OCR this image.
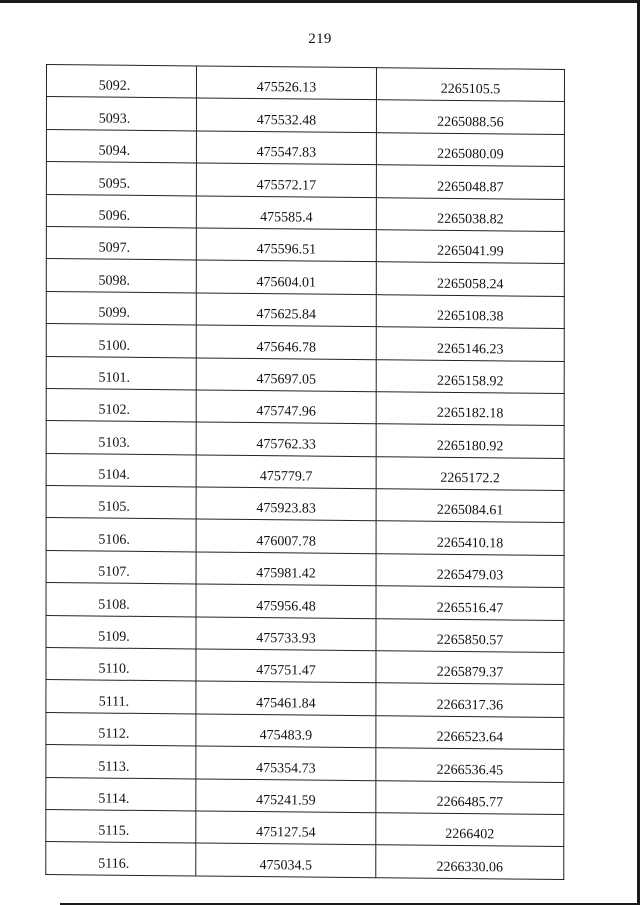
219
5092.	475526.13	2265105.5
5093.	475532.48	2265088.56
5094.	475547.83	2265080.09
5095.	475572.17	2265048.87
5096.	475585.4	2265038.82
5097.	475596.51	2265041.99
5098.	475604.01	2265058.24
5099.	475625.84	2265108.38
5100.	475646.78	2265146.23
5101.	475697.05	2265158.92
5102.	475747.96	2265182.18
5103.	475762.33	2265180.92
5104.	475779.7	2265172.2
5105.	475923.83	2265084.61
5106.	476007.78	2265410.18
5107.	475981.42	2265479.03
5108.	475956.48	2265516.47
5109.	475733.93	2265850.57
5110.	475751.47	2265879.37
5111.	475461.84	2266317.36
5112.	475483.9	2266523.64
5113.	475354.73	2266536.45
5114.	475241.59	2266485.77
5115.	475127.54	2266402
5116.	475034.5	2266330.06
